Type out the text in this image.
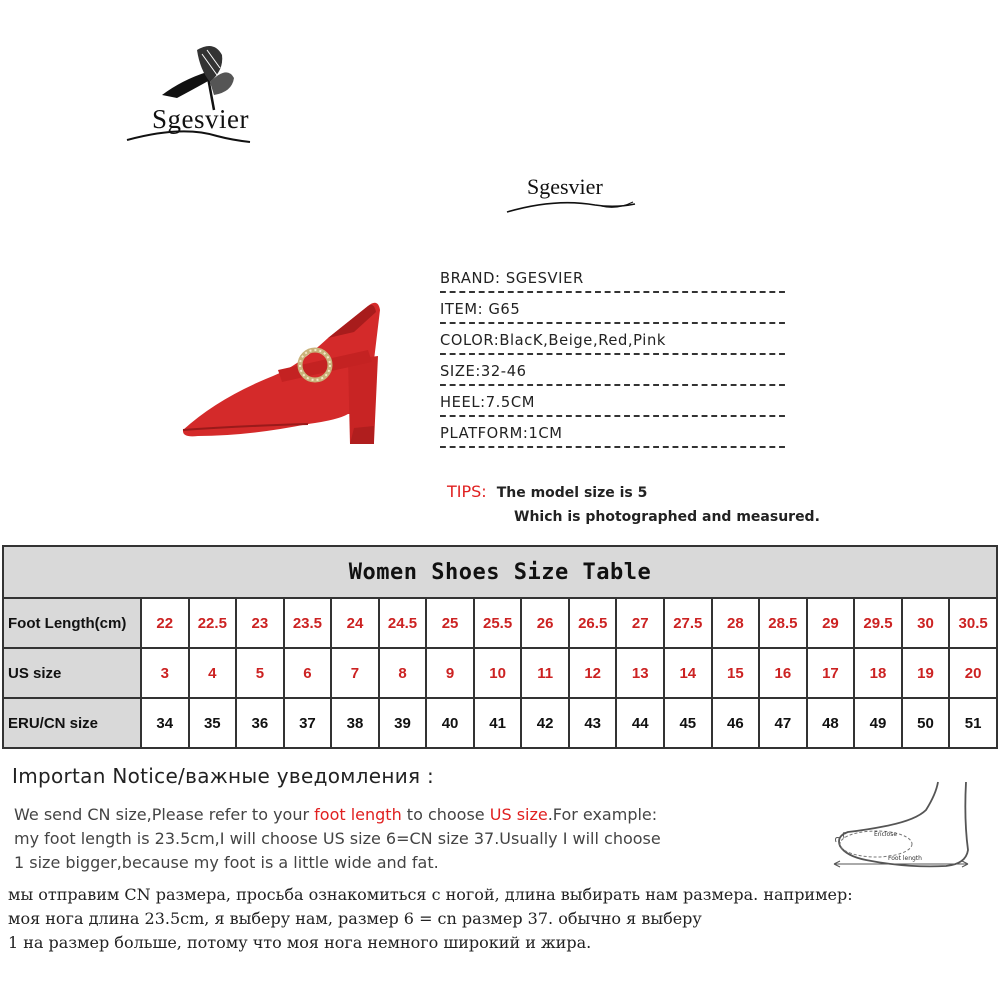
Sgesvier
Sgesvier
BRAND: SGESVIER
ITEM: G65
COLOR:BlacK,Beige,Red,Pink
SIZE:32-46
HEEL:7.5CM
PLATFORM:1CM
TIPS: The model size is 5
Which is photographed and measured.
Women Shoes Size Table																		
Foot Length(cm)	22	22.5	23	23.5	24	24.5	25	25.5	26	26.5	27	27.5	28	28.5	29	29.5	30	30.5
US size	3	4	5	6	7	8	9	10	11	12	13	14	15	16	17	18	19	20
ERU/CN size	34	35	36	37	38	39	40	41	42	43	44	45	46	47	48	49	50	51
Importan Notice/важные уведомления :
We send CN size,Please refer to your foot length to choose US size.For example:
my foot length is 23.5cm,I will choose US size 6=CN size 37.Usually I will choose
1 size bigger,because my foot is a little wide and fat.
мы отправим CN размера, просьба ознакомиться с ногой, длина выбирать нам размера. например:
моя нога длина 23.5cm, я выберу нам, размер 6 = cn размер 37. обычно я выберу
1 на размер больше, потому что моя нога немного широкий и жира.
Enclose
Foot length
